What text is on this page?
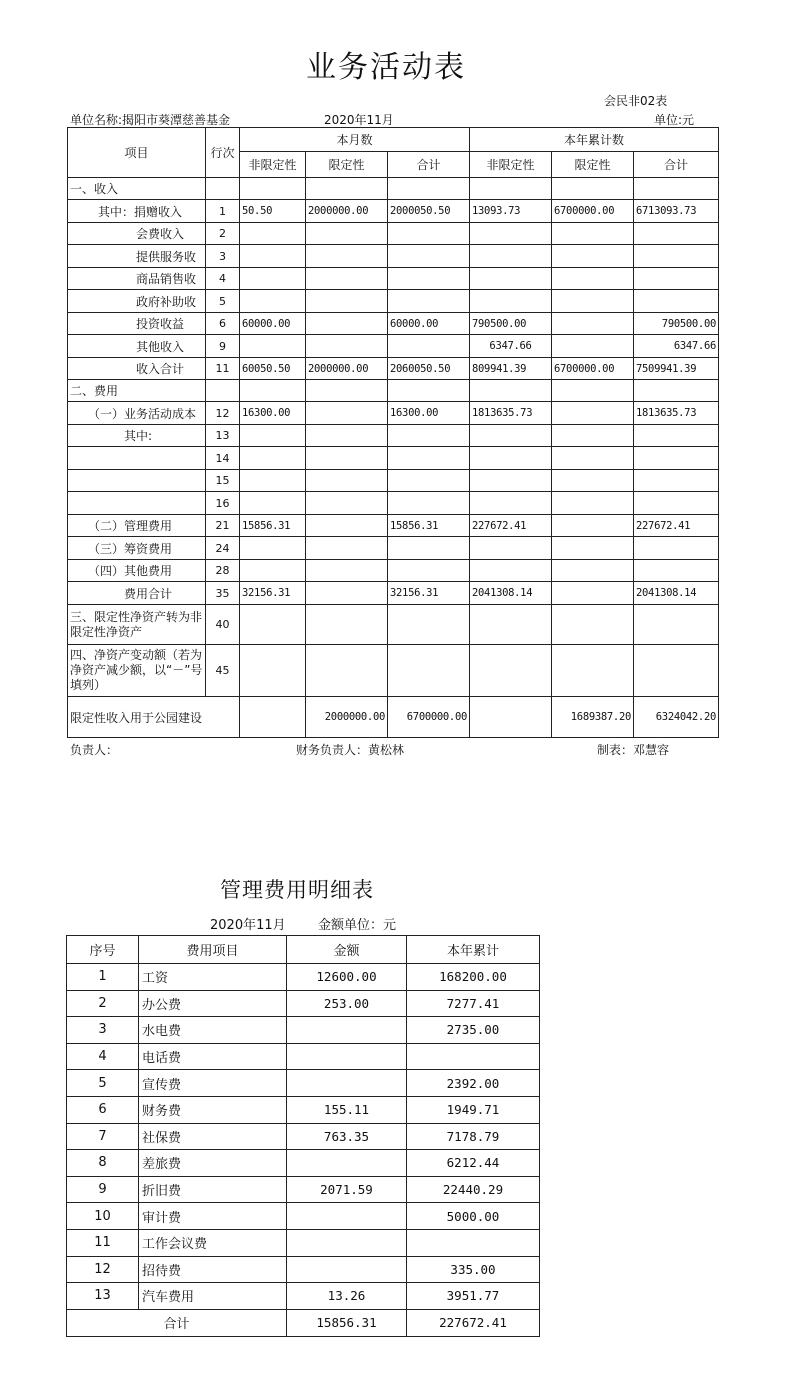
业务活动表
会民非02表
单位名称:揭阳市葵潭慈善基金	2020年11月	单位:元
项目	行次	本月数			本年累计数		
		非限定性	限定性	合计	非限定性	限定性	合计
一、收入							
其中：捐赠收入	1	50.50	2000000.00	2000050.50	13093.73	6700000.00	6713093.73
会费收入	2						
提供服务收	3						
商品销售收	4						
政府补助收	5						
投资收益	6	60000.00		60000.00	790500.00		790500.00
其他收入	9				6347.66		6347.66
收入合计	11	60050.50	2000000.00	2060050.50	809941.39	6700000.00	7509941.39
二、费用							
（一）业务活动成本	12	16300.00		16300.00	1813635.73		1813635.73
其中:	13						
	14						
	15						
	16						
（二）管理费用	21	15856.31		15856.31	227672.41		227672.41
（三）筹资费用	24						
（四）其他费用	28						
费用合计	35	32156.31		32156.31	2041308.14		2041308.14
三、限定性净资产转为非限定性净资产	40						
四、净资产变动额（若为净资产减少额，以“－”号填列）	45						
限定性收入用于公园建设			2000000.00	6700000.00		1689387.20	6324042.20
负责人：	财务负责人：黄松林	制表：邓慧容
管理费用明细表
2020年11月 金额单位：元
序号	费用项目	金额	本年累计
1	工资	12600.00	168200.00
2	办公费	253.00	7277.41
3	水电费		2735.00
4	电话费		
5	宣传费		2392.00
6	财务费	155.11	1949.71
7	社保费	763.35	7178.79
8	差旅费		6212.44
9	折旧费	2071.59	22440.29
10	审计费		5000.00
11	工作会议费		
12	招待费		335.00
13	汽车费用	13.26	3951.77
合计		15856.31	227672.41
